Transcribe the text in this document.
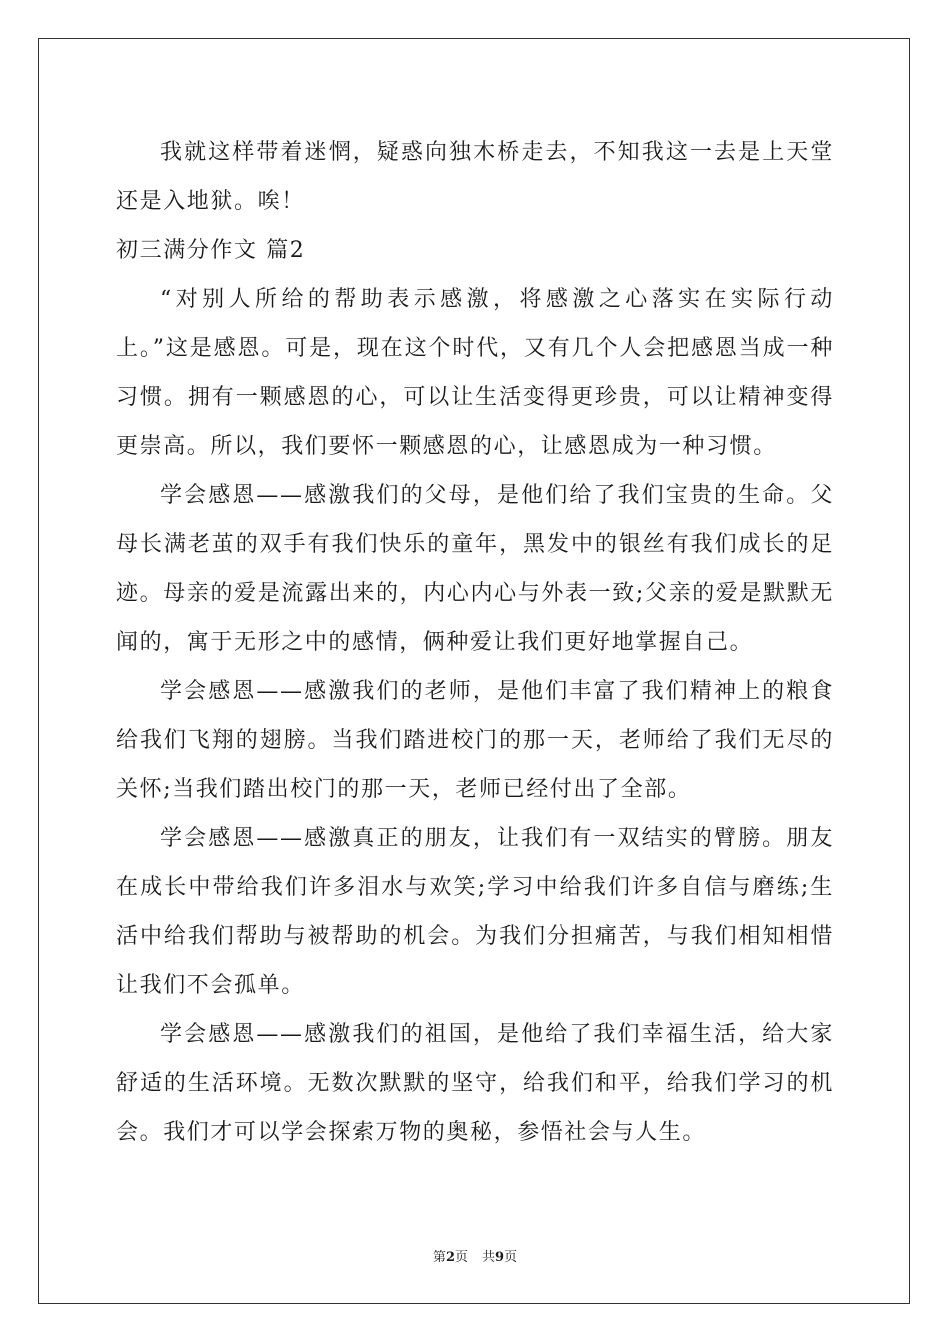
我就这样带着迷惘，疑惑向独木桥走去，不知我这一去是上天堂还是入地狱。唉！

初三满分作文 篇2

“对别人所给的帮助表示感激，将感激之心落实在实际行动上。”这是感恩。可是，现在这个时代，又有几个人会把感恩当成一种习惯。拥有一颗感恩的心，可以让生活变得更珍贵，可以让精神变得更崇高。所以，我们要怀一颗感恩的心，让感恩成为一种习惯。

学会感恩——感激我们的父母，是他们给了我们宝贵的生命。父母长满老茧的双手有我们快乐的童年，黑发中的银丝有我们成长的足迹。母亲的爱是流露出来的，内心内心与外表一致;父亲的爱是默默无闻的，寓于无形之中的感情，俩种爱让我们更好地掌握自己。

学会感恩——感激我们的老师，是他们丰富了我们精神上的粮食给我们飞翔的翅膀。当我们踏进校门的那一天，老师给了我们无尽的关怀;当我们踏出校门的那一天，老师已经付出了全部。

学会感恩——感激真正的朋友，让我们有一双结实的臂膀。朋友在成长中带给我们许多泪水与欢笑;学习中给我们许多自信与磨练;生活中给我们帮助与被帮助的机会。为我们分担痛苦，与我们相知相惜让我们不会孤单。

学会感恩——感激我们的祖国，是他给了我们幸福生活，给大家舒适的生活环境。无数次默默的坚守，给我们和平，给我们学习的机会。我们才可以学会探索万物的奥秘，参悟社会与人生。

第2页 共9页
